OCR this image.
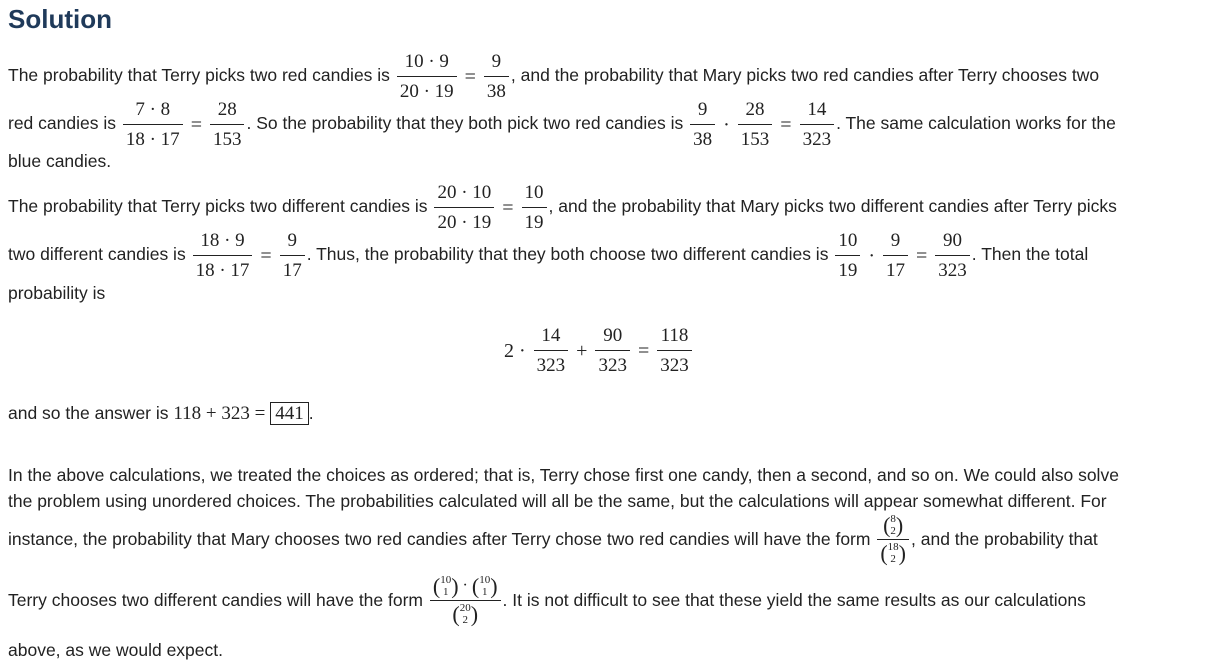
Solution
The probability that Terry picks two red candies is $\frac{10 \cdot 9}{20 \cdot 19} = \frac{9}{38}$ , and the probability that Mary picks two red candies after Terry chooses two
red candies is $\frac{7 \cdot 8}{18 \cdot 17} = \frac{28}{153}$ . So the probability that they both pick two red candies is $\frac{9}{38} \cdot \frac{28}{153} = \frac{14}{323}$ . The same calculation works for the
blue candies.
The probability that Terry picks two different candies is $\frac{20 \cdot 10}{20 \cdot 19} = \frac{10}{19}$ , and the probability that Mary picks two different candies after Terry picks
two different candies is $\frac{18 \cdot 9}{18 \cdot 17} = \frac{9}{17}$ . Thus, the probability that they both choose two different candies is $\frac{10}{19} \cdot \frac{9}{17} = \frac{90}{323}$ . Then the total
probability is
$2 \cdot \frac{14}{323} + \frac{90}{323} = \frac{118}{323}$
and so the answer is 118 + 323 = 441 .
In the above calculations, we treated the choices as ordered; that is, Terry chose first one candy, then a second, and so on. We could also solve
the problem using unordered choices. The probabilities calculated will all be the same, but the calculations will appear somewhat different. For
instance, the probability that Mary chooses two red candies after Terry chose two red candies will have the form ( 8
2 )
( 18
2 ) , and the probability that
Terry chooses two different candies will have the form ( 10
1 ) · ( 10
1 )
( 20
2 ) . It is not difficult to see that these yield the same results as our calculations
above, as we would expect.
